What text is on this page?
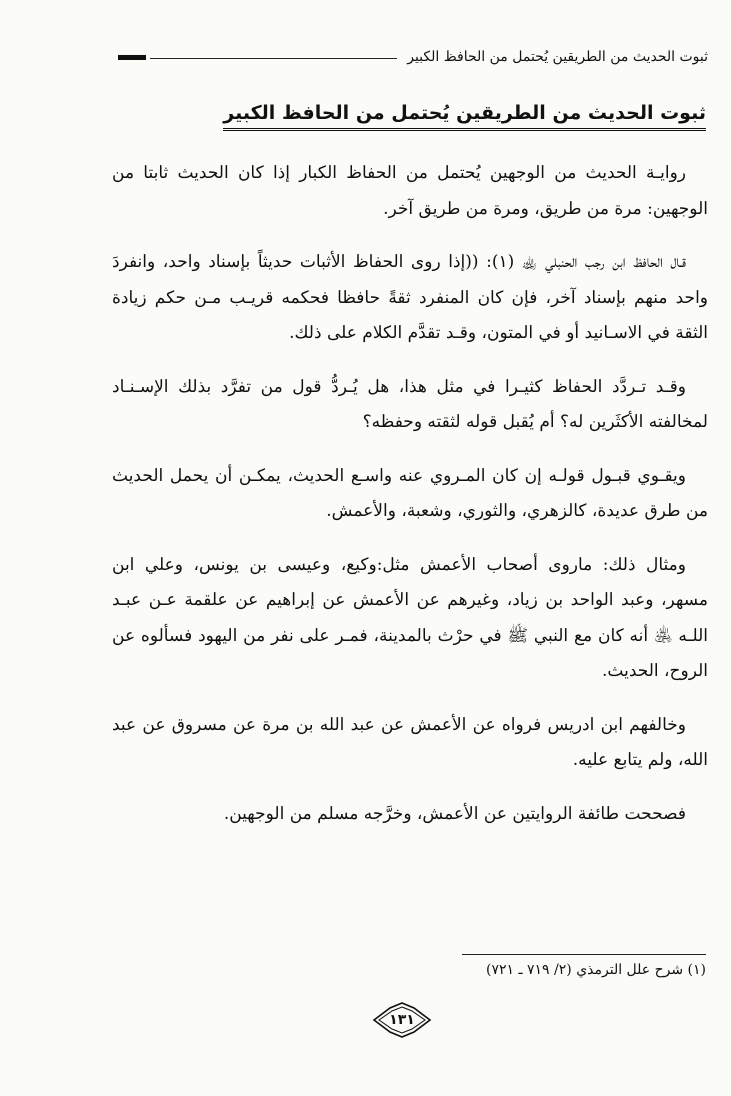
ثبوت الحديث من الطريقين يُحتمل من الحافظ الكبير
ثبوت الحديث من الطريقين يُحتمل من الحافظ الكبير

روايـة الحديث من الوجهين يُحتمل من الحفاظ الكبار إذا كان الحديث ثابتا من الوجهين: مرة من طريق، ومرة من طريق آخر.

قـال الحافظ ابن رجب الحنبلي ﵀ (١): ((إذا روى الحفاظ الأثبات حديثاً بإسناد واحد، وانفردَ واحد منهم بإسناد آخر، فإن كان المنفرد ثقةً حافظا فحكمه قريـب مـن حكم زيادة الثقة في الاسـانيد أو في المتون، وقـد تقدَّم الكلام على ذلك.

وقـد تـردَّد الحفاظ كثيـرا في مثل هذا، هل يُـردُّ قول من تفرَّد بذلك الإسـنـاد لمخالفته الأكثَرين له؟ أم يُقبل قوله لثقته وحفظه؟

ويقـوي قبـول قولـه إن كان المـروي عنه واسـع الحديث، يمكـن أن يحمل الحديث من طرق عديدة، كالزهري، والثوري، وشعبة، والأعمش.

ومثال ذلك: ماروى أصحاب الأعمش مثل:وكيع، وعيسى بن يونس، وعلي ابن مسهر، وعبد الواحد بن زياد، وغيرهم عن الأعمش عن إبراهيم عن علقمة عـن عبـد اللـه ﵁ أنه كان مع النبي ﷺ في حرْث بالمدينة، فمـر على نفر من اليهود فسألوه عن الروح، الحديث.

وخالفهم ابن ادريس فرواه عن الأعمش عن عبد الله بن مرة عن مسروق عن عبد الله، ولم يتابع عليه.

فصححت طائفة الروايتين عن الأعمش، وخرَّجه مسلم من الوجهين.

(١) شرح علل الترمذي (٢/ ٧١٩ ـ ٧٢١)
١٣١
